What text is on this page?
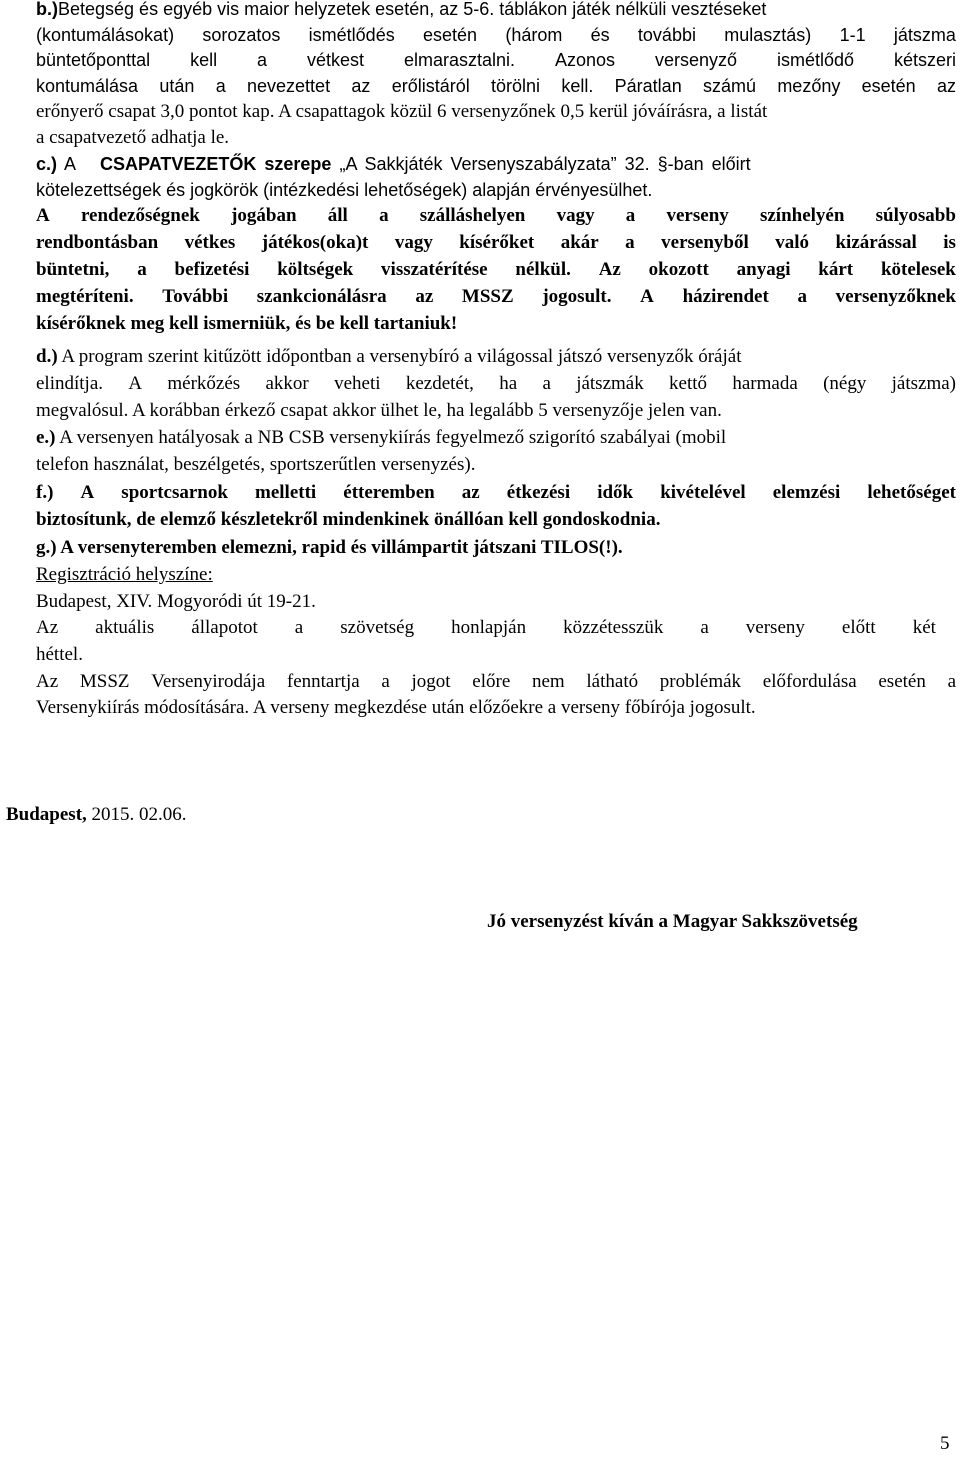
b.)Betegség és egyéb vis maior helyzetek esetén, az 5-6. táblákon játék nélküli vesztéseket
(kontumálásokat) sorozatos ismétlődés esetén (három és további mulasztás) 1-1 játszma
büntetőponttal kell a vétkest elmarasztalni. Azonos versenyző ismétlődő kétszeri
kontumálása után a nevezettet az erőlistáról törölni kell. Páratlan számú mezőny esetén az
erőnyerő csapat 3,0 pontot kap. A csapattagok közül 6 versenyzőnek 0,5 kerül jóváírásra, a listát
a csapatvezető adhatja le.
c.) A CSAPATVEZETŐK szerepe „A Sakkjáték Versenyszabályzata” 32. §-ban előirt
kötelezettségek és jogkörök (intézkedési lehetőségek) alapján érvényesülhet.
A rendezőségnek jogában áll a szálláshelyen vagy a verseny színhelyén súlyosabb
rendbontásban vétkes játékos(oka)t vagy kísérőket akár a versenyből való kizárással is
büntetni, a befizetési költségek visszatérítése nélkül. Az okozott anyagi kárt kötelesek
megtéríteni. További szankcionálásra az MSSZ jogosult. A házirendet a versenyzőknek
kísérőknek meg kell ismerniük, és be kell tartaniuk!
d.) A program szerint kitűzött időpontban a versenybíró a világossal játszó versenyzők óráját
elindítja. A mérkőzés akkor veheti kezdetét, ha a játszmák kettő harmada (négy játszma)
megvalósul. A korábban érkező csapat akkor ülhet le, ha legalább 5 versenyzője jelen van.
e.) A versenyen hatályosak a NB CSB versenykiírás fegyelmező szigorító szabályai (mobil
telefon használat, beszélgetés, sportszerűtlen versenyzés).
f.) A sportcsarnok melletti étteremben az étkezési idők kivételével elemzési lehetőséget
biztosítunk, de elemző készletekről mindenkinek önállóan kell gondoskodnia.
g.) A versenyteremben elemezni, rapid és villámpartit játszani TILOS(!).
Regisztráció helyszíne:
Budapest, XIV. Mogyoródi út 19-21.
Az aktuális állapotot a szövetség honlapján közzétesszük a verseny előtt két
héttel.
Az MSSZ Versenyirodája fenntartja a jogot előre nem látható problémák előfordulása esetén a
Versenykiírás módosítására. A verseny megkezdése után előzőekre a verseny főbírója jogosult.
Budapest, 2015. 02.06.
Jó versenyzést kíván a Magyar Sakkszövetség
5
